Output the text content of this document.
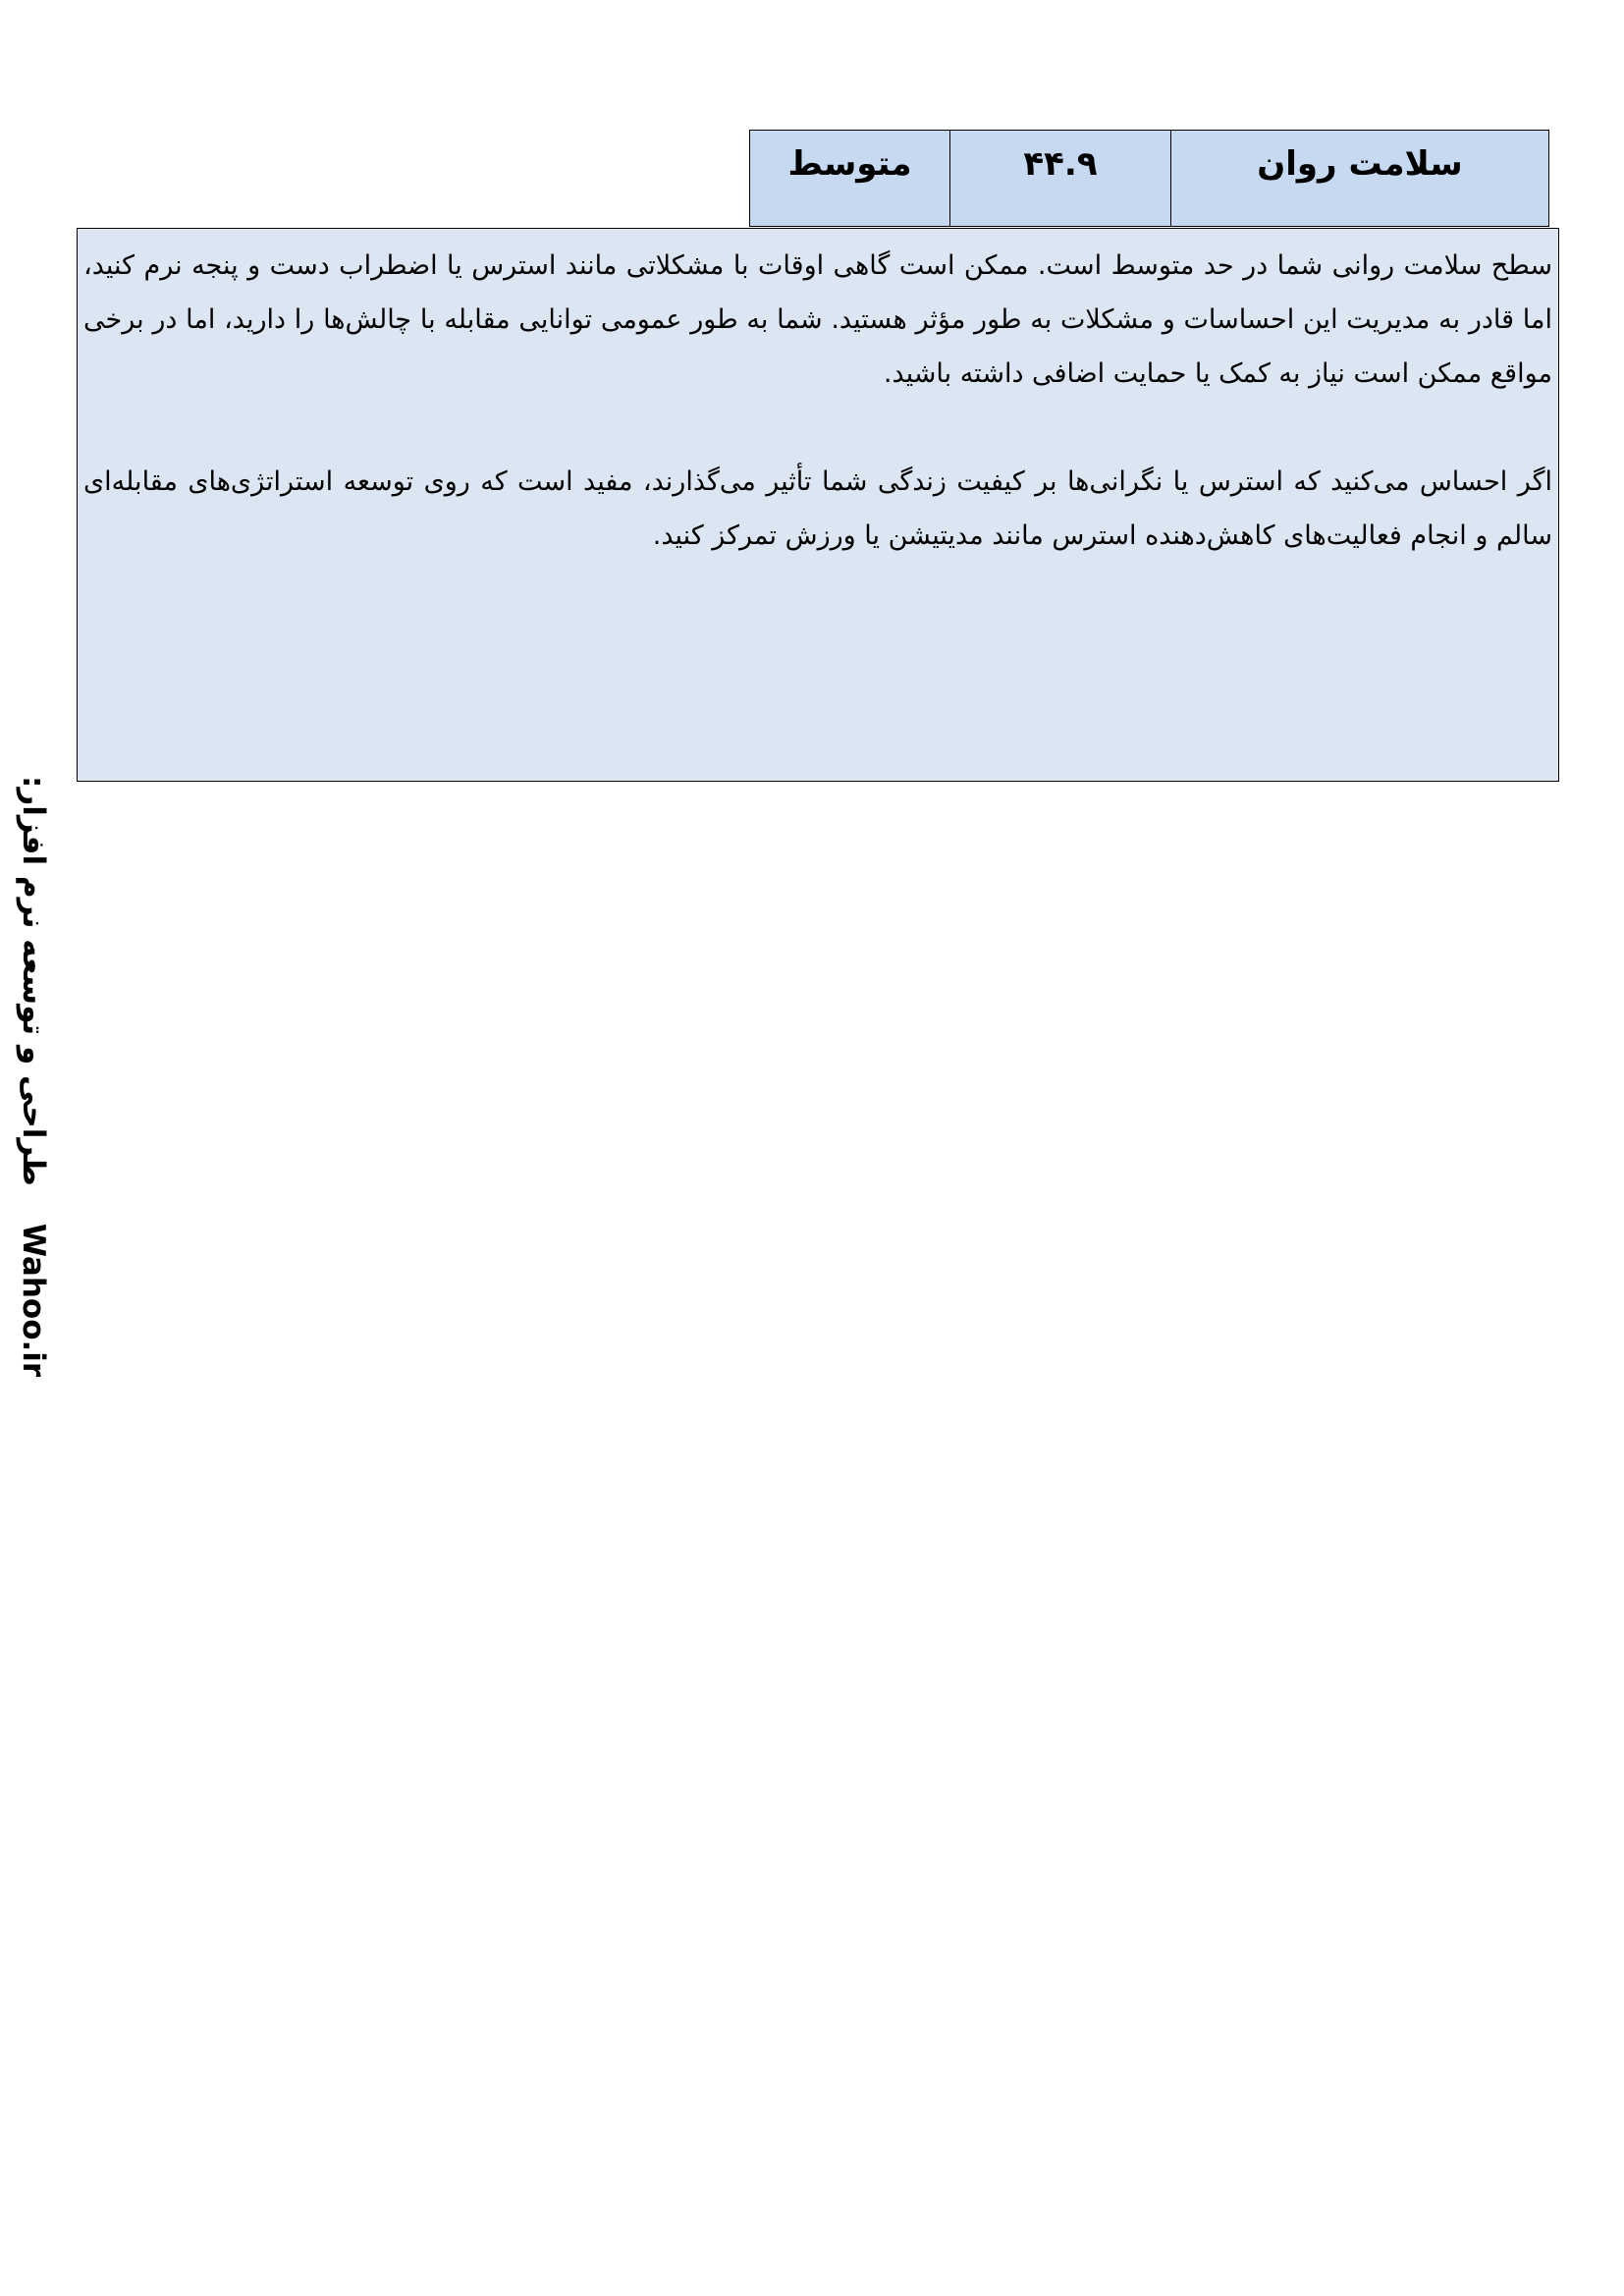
سلامت روان	۴۴.۹	متوسط

سطح سلامت روانی شما در حد متوسط است. ممکن است گاهی اوقات با مشکلاتی مانند استرس یا اضطراب دست و پنجه نرم کنید، اما قادر به مدیریت این احساسات و مشکلات به طور مؤثر هستید. شما به طور عمومی توانایی مقابله با چالش‌ها را دارید، اما در برخی مواقع ممکن است نیاز به کمک یا حمایت اضافی داشته باشید.

اگر احساس می‌کنید که استرس یا نگرانی‌ها بر کیفیت زندگی شما تأثیر می‌گذارند، مفید است که روی توسعه استراتژی‌های مقابله‌ای سالم و انجام فعالیت‌های کاهش‌دهنده استرس مانند مدیتیشن یا ورزش تمرکز کنید.

طراحی و توسعه نرم افزار:
Wahoo.ir
